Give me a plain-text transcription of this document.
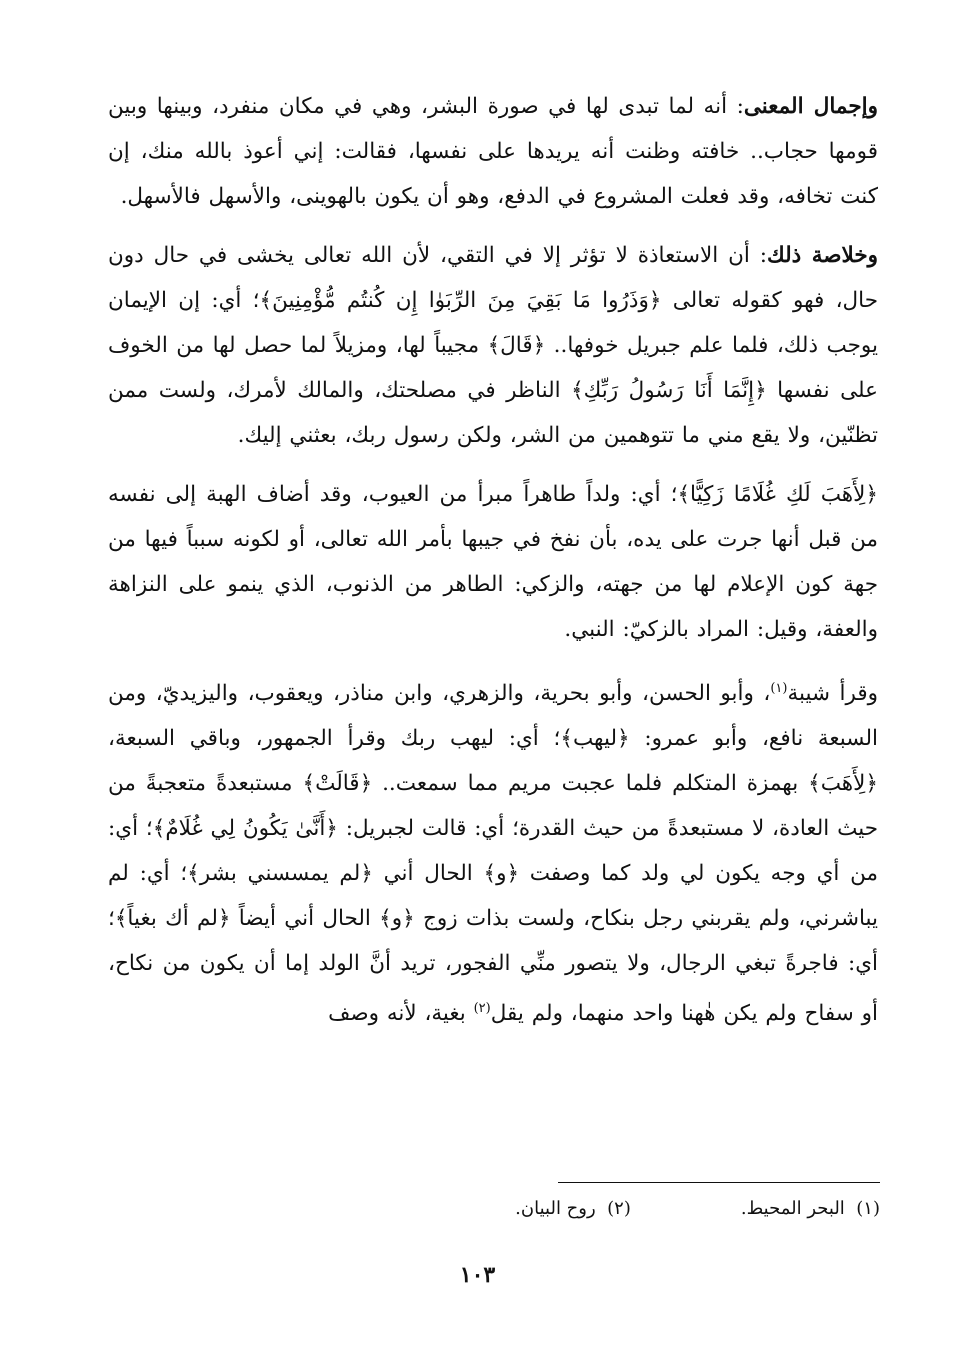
وإجمال المعنى: أنه لما تبدى لها في صورة البشر، وهي في مكان منفرد، وبينها وبين قومها حجاب.. خافته وظنت أنه يريدها على نفسها، فقالت: إني أعوذ بالله منك، إن كنت تخافه، وقد فعلت المشروع في الدفع، وهو أن يكون بالهوينى، والأسهل فالأسهل.

وخلاصة ذلك: أن الاستعاذة لا تؤثر إلا في التقي، لأن الله تعالى يخشى في حال دون حال، فهو كقوله تعالى ﴿وَذَرُوا مَا بَقِيَ مِنَ الرِّبَوٰا إِن كُنتُم مُّؤْمِنِينَ﴾؛ أي: إن الإيمان يوجب ذلك، فلما علم جبريل خوفها.. ﴿قَالَ﴾ مجيباً لها، ومزيلاً لما حصل لها من الخوف على نفسها ﴿إِنَّمَا أَنَا رَسُولُ رَبِّكِ﴾ الناظر في مصلحتك، والمالك لأمرك، ولست ممن تظنّين، ولا يقع مني ما تتوهمين من الشر، ولكن رسول ربك، بعثني إليك.

﴿لِأَهَبَ لَكِ غُلَامًا زَكِيًّا﴾؛ أي: ولداً طاهراً مبرأ من العيوب، وقد أضاف الهبة إلى نفسه من قبل أنها جرت على يده، بأن نفخ في جيبها بأمر الله تعالى، أو لكونه سبباً فيها من جهة كون الإعلام لها من جهته، والزكي: الطاهر من الذنوب، الذي ينمو على النزاهة والعفة، وقيل: المراد بالزكيّ: النبي.

وقرأ شيبة$^{(١)}$، وأبو الحسن، وأبو بحرية، والزهري، وابن مناذر، ويعقوب، واليزيديّ، ومن السبعة نافع، وأبو عمرو: ﴿ليهب﴾؛ أي: ليهب ربك وقرأ الجمهور، وباقي السبعة، ﴿لِأَهَبَ﴾ بهمزة المتكلم فلما عجبت مريم مما سمعت.. ﴿قَالَتْ﴾ مستبعدةً متعجبةً من حيث العادة، لا مستبعدةً من حيث القدرة؛ أي: قالت لجبريل: ﴿أَنَّىٰ يَكُونُ لِي غُلَامٌ﴾؛ أي: من أي وجه يكون لي ولد كما وصفت ﴿و﴾ الحال أني ﴿لم يمسسني بشر﴾؛ أي: لم يباشرني، ولم يقربني رجل بنكاح، ولست بذات زوج ﴿و﴾ الحال أني أيضاً ﴿لم أك بغياً﴾؛ أي: فاجرةً تبغي الرجال، ولا يتصور منِّي الفجور، تريد أنَّ الولد إما أن يكون من نكاح، أو سفاح ولم يكن هٰهنا واحد منهما، ولم يقل$^{(٢)}$ بغية، لأنه وصف

(١)  البحر المحيط.(٢)  روح البيان.
١٠٣
